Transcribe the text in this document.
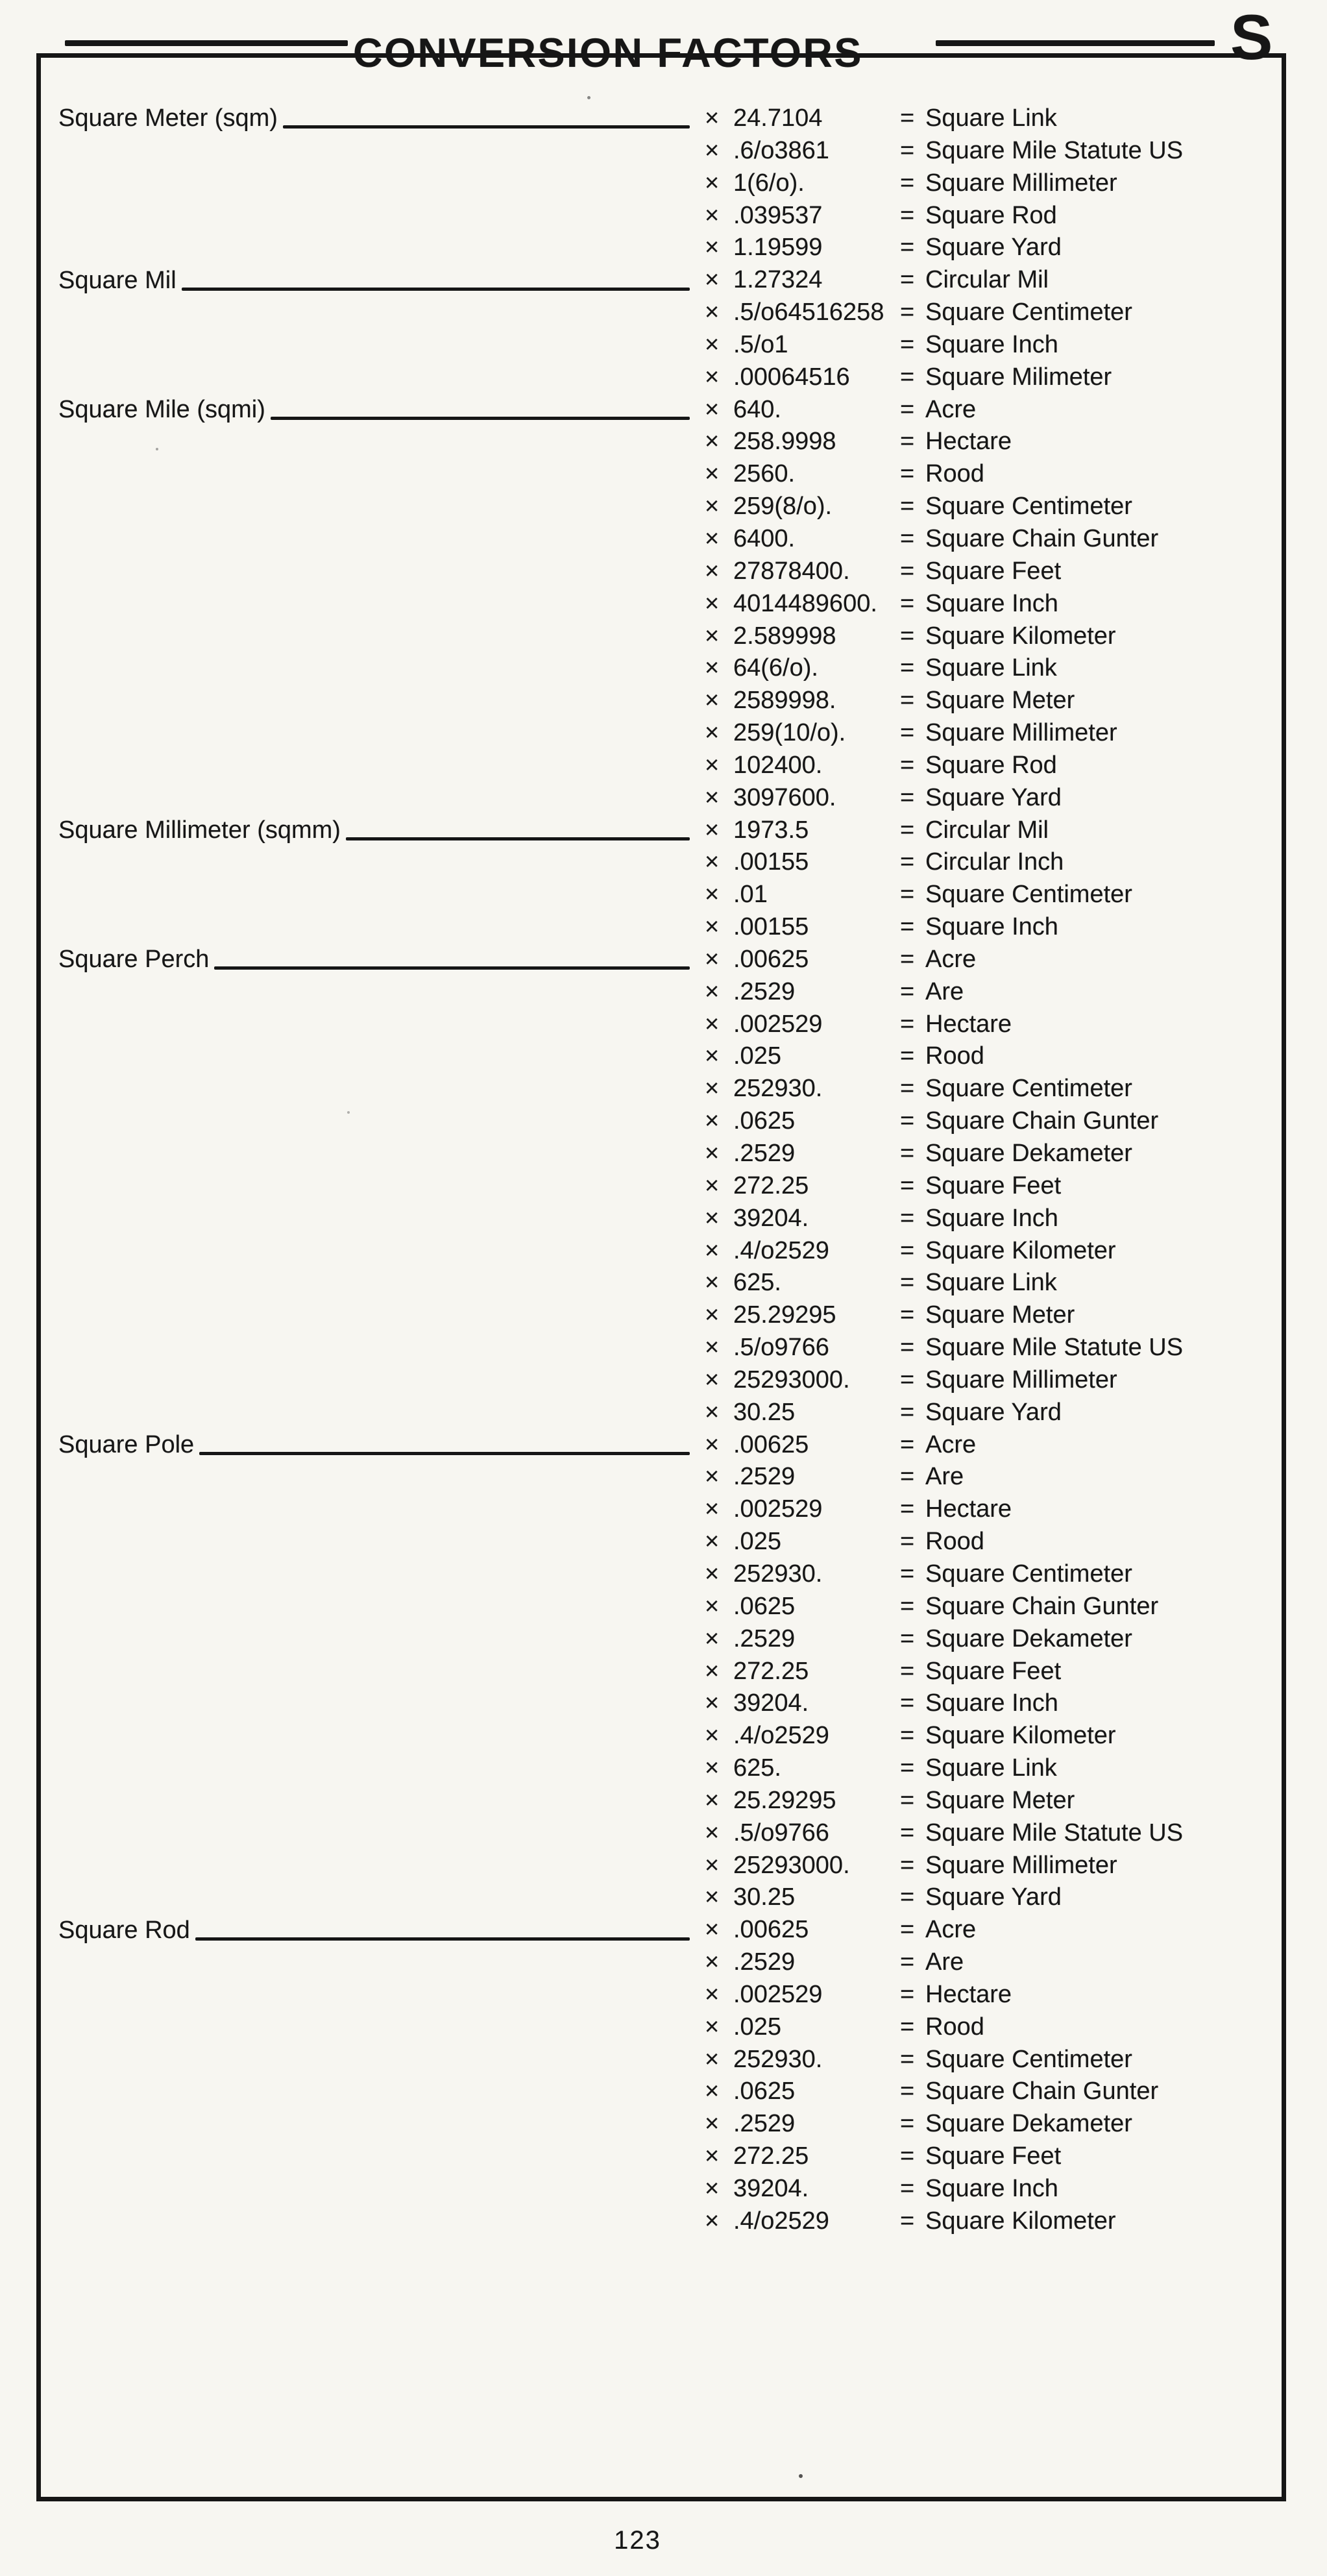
CONVERSION FACTORS	S
Square Meter (sqm)	× 24.7104	= Square Link
× .6/o3861	= Square Mile Statute US
× 1(6/o).	= Square Millimeter
× .039537	= Square Rod
× 1.19599	= Square Yard
Square Mil	× 1.27324	= Circular Mil
× .5/o64516258 = Square Centimeter
× .5/o1	= Square Inch
× .00064516 = Square Milimeter
Square Mile (sqmi)	× 640.	= Acre
× 258.9998	= Hectare
× 2560.	= Rood
× 259(8/o).	= Square Centimeter
× 6400.	= Square Chain Gunter
× 27878400. = Square Feet
× 4014489600. = Square Inch
× 2.589998	= Square Kilometer
× 64(6/o).	= Square Link
× 2589998.	= Square Meter
× 259(10/o). = Square Millimeter
× 102400.	= Square Rod
× 3097600.	= Square Yard
Square Millimeter (sqmm)	× 1973.5	= Circular Mil
× .00155	= Circular Inch
× .01	= Square Centimeter
× .00155	= Square Inch
Square Perch	× .00625	= Acre
× .2529	= Are
× .002529	= Hectare
× .025	= Rood
× 252930.	= Square Centimeter
× .0625	= Square Chain Gunter
× .2529	= Square Dekameter
× 272.25	= Square Feet
× 39204.	= Square Inch
× .4/o2529	= Square Kilometer
× 625.	= Square Link
× 25.29295	= Square Meter
× .5/o9766	= Square Mile Statute US
× 25293000. = Square Millimeter
× 30.25	= Square Yard
Square Pole	× .00625	= Acre
× .2529	= Are
× .002529	= Hectare
× .025	= Rood
× 252930.	= Square Centimeter
× .0625	= Square Chain Gunter
× .2529	= Square Dekameter
× 272.25	= Square Feet
× 39204.	= Square Inch
× .4/o2529	= Square Kilometer
× 625.	= Square Link
× 25.29295	= Square Meter
× .5/o9766	= Square Mile Statute US
× 25293000. = Square Millimeter
× 30.25	= Square Yard
Square Rod	× .00625	= Acre
× .2529	= Are
× .002529	= Hectare
× .025	= Rood
× 252930.	= Square Centimeter
× .0625	= Square Chain Gunter
× .2529	= Square Dekameter
× 272.25	= Square Feet
× 39204.	= Square Inch
× .4/o2529	= Square Kilometer
123
